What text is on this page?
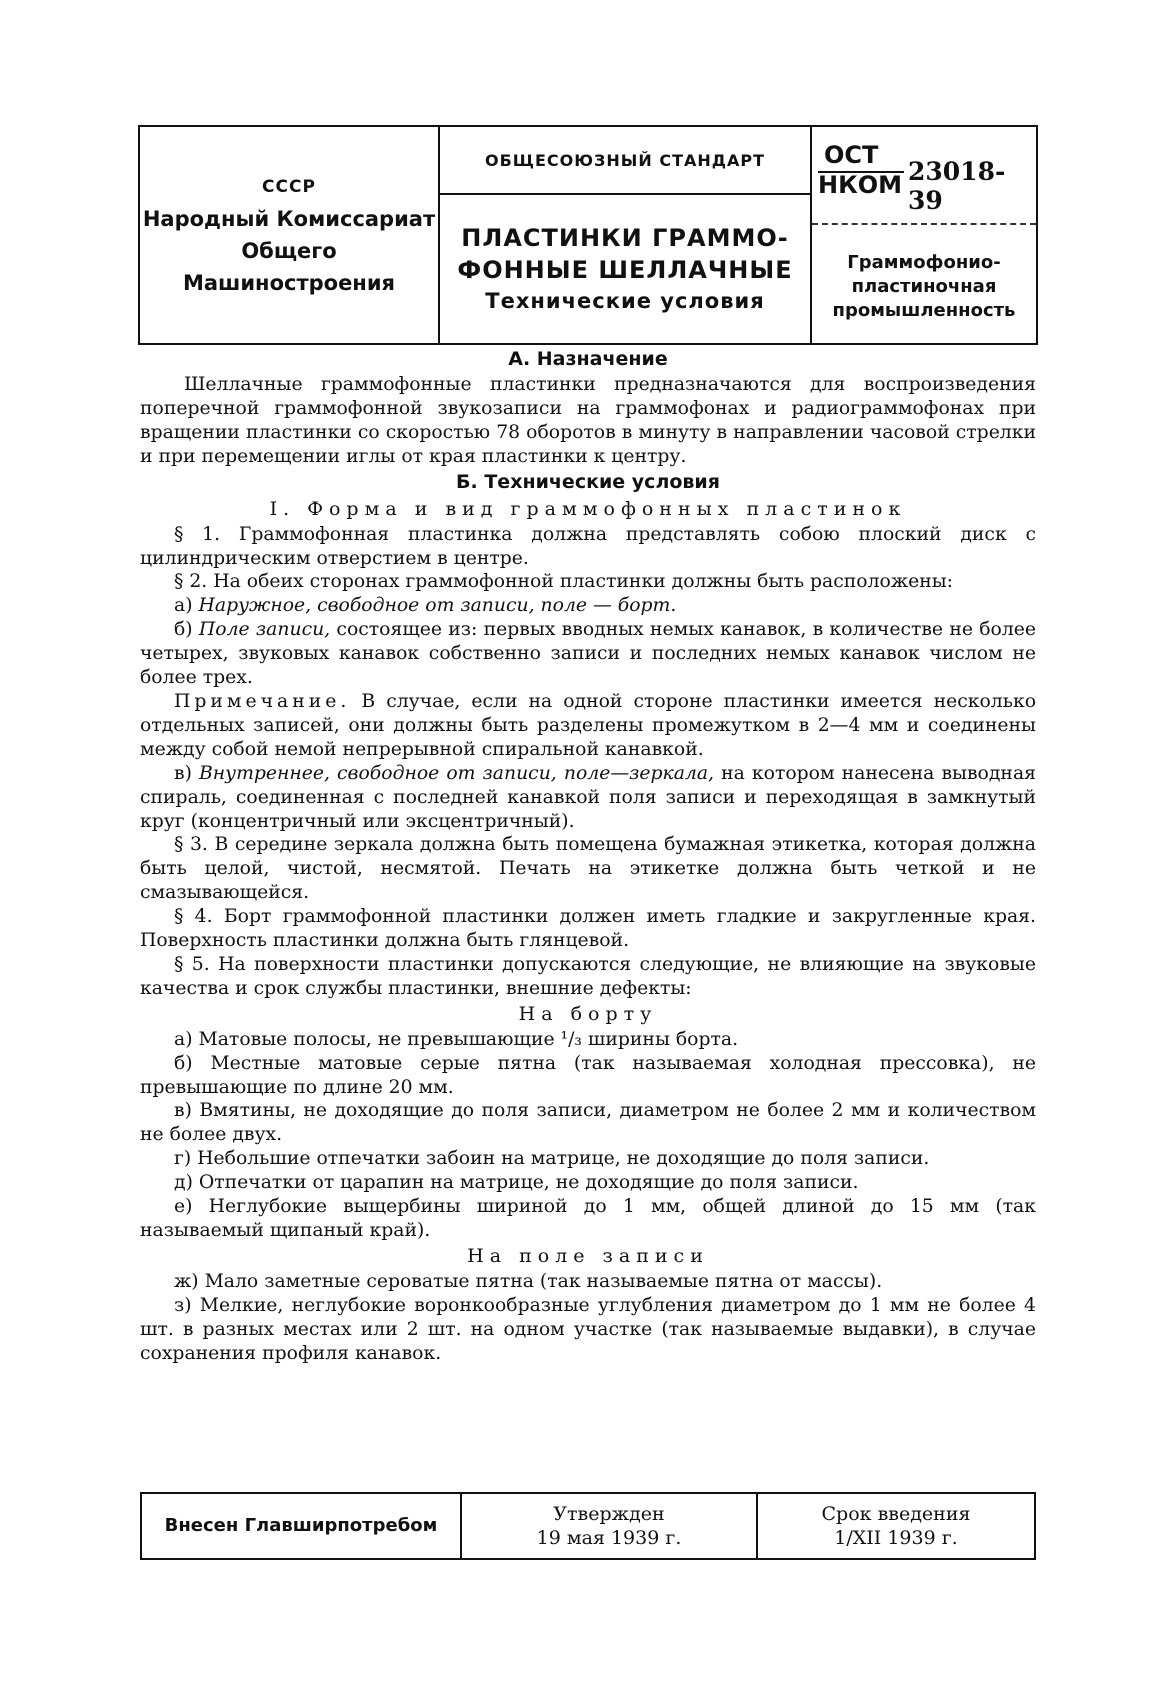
СССР
Народный Комиссариат
Общего
Машиностроения
ОБЩЕСОЮЗНЫЙ СТАНДАРТ
ПЛАСТИНКИ ГРАММО-
ФОННЫЕ ШЕЛЛАЧНЫЕ
Технические условия
ОСТ
НКОМ 23018-39
Граммофонио-
пластиночная
промышленность
А. Назначение

Шеллачные граммофонные пластинки предназначаются для воспроизведения поперечной граммофонной звукозаписи на граммофонах и радиограммофонах при вращении пластинки со скоростью 78 оборотов в минуту в направлении часовой стрелки и при перемещении иглы от края пластинки к центру.

Б. Технические условия

I. Форма и вид граммофонных пластинок

§ 1. Граммофонная пластинка должна представлять собою плоский диск с цилиндрическим отверстием в центре.

§ 2. На обеих сторонах граммофонной пластинки должны быть расположены:

а) Наружное, свободное от записи, поле — борт.

б) Поле записи, состоящее из: первых вводных немых канавок, в количестве не более четырех, звуковых канавок собственно записи и последних немых канавок числом не более трех.

Примечание. В случае, если на одной стороне пластинки имеется несколько отдельных записей, они должны быть разделены промежутком в 2—4 мм и соединены между собой немой непрерывной спиральной канавкой.

в) Внутреннее, свободное от записи, поле—зеркала, на котором нанесена выводная спираль, соединенная с последней канавкой поля записи и переходящая в замкнутый круг (концентричный или эксцентричный).

§ 3. В середине зеркала должна быть помещена бумажная этикетка, которая должна быть целой, чистой, несмятой. Печать на этикетке должна быть четкой и не смазывающейся.

§ 4. Борт граммофонной пластинки должен иметь гладкие и закругленные края. Поверхность пластинки должна быть глянцевой.

§ 5. На поверхности пластинки допускаются следующие, не влияющие на звуковые качества и срок службы пластинки, внешние дефекты:

На борту

а) Матовые полосы, не превышающие ¹/₃ ширины борта.

б) Местные матовые серые пятна (так называемая холодная прессовка), не превышающие по длине 20 мм.

в) Вмятины, не доходящие до поля записи, диаметром не более 2 мм и количеством не более двух.

г) Небольшие отпечатки забоин на матрице, не доходящие до поля записи.

д) Отпечатки от царапин на матрице, не доходящие до поля записи.

е) Неглубокие выщербины шириной до 1 мм, общей длиной до 15 мм (так называемый щипаный край).

На поле записи

ж) Мало заметные сероватые пятна (так называемые пятна от массы).

з) Мелкие, неглубокие воронкообразные углубления диаметром до 1 мм не более 4 шт. в разных местах или 2 шт. на одном участке (так называемые выдавки), в случае сохранения профиля канавок.

Внесен Главширпотребом
Утвержден
19 мая 1939 г.
Срок введения
1/XII 1939 г.
